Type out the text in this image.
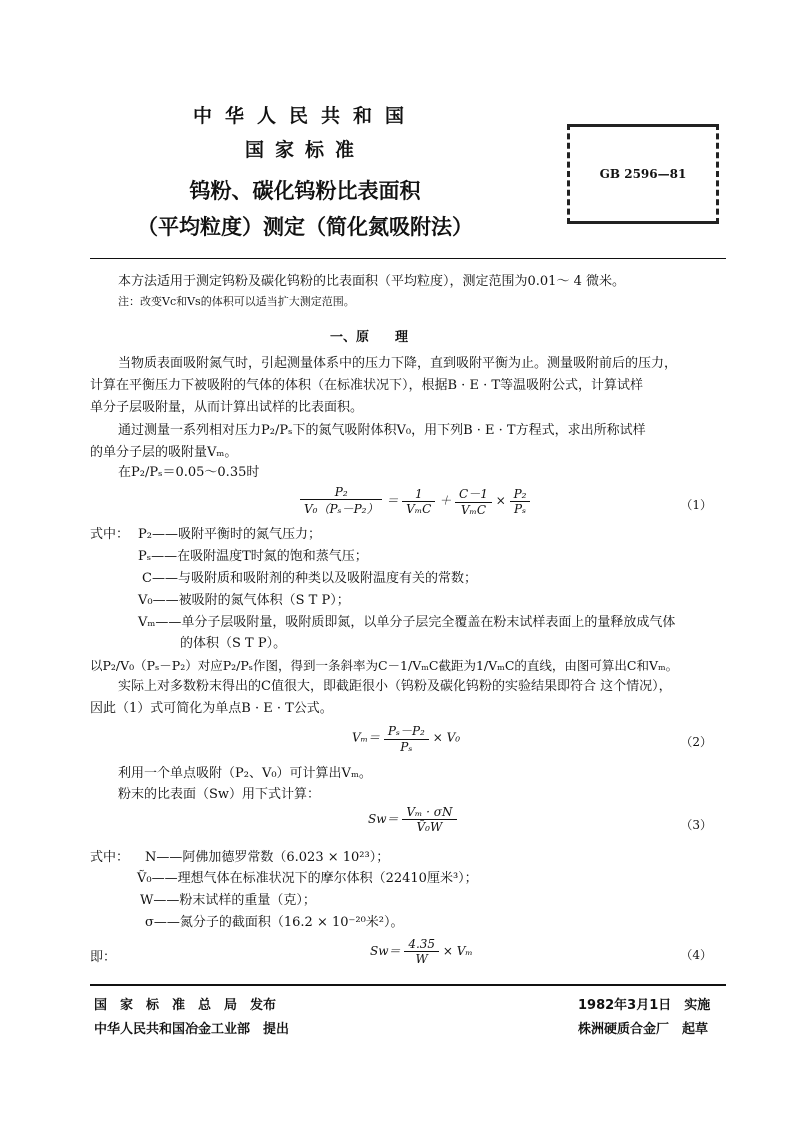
中华人民共和国
国家标准
钨粉、碳化钨粉比表面积
（平均粒度）测定（简化氮吸附法）
GB 2596—81
本方法适用于测定钨粉及碳化钨粉的比表面积（平均粒度），测定范围为0.01～ 4 微米。
注：改变Vc和Vs的体积可以适当扩大测定范围。
一、原　　理
当物质表面吸附氮气时，引起测量体系中的压力下降，直到吸附平衡为止。测量吸附前后的压力，
计算在平衡压力下被吸附的气体的体积（在标准状况下），根据B · E · T等温吸附公式，计算试样
单分子层吸附量，从而计算出试样的比表面积。
通过测量一系列相对压力P₂/Pₛ下的氮气吸附体积V₀，用下列B · E · T方程式，求出所称试样
的单分子层的吸附量Vₘ。
在P₂/Pₛ＝0.05～0.35时
$\frac{\text{P₂}}{\text{V₀（Pₛ－P₂）}} = \frac{1}{\text{VₘC}} + \frac{C-1}{\text{VₘC}} \times \frac{\text{P₂}}{\text{Pₛ}}$	（1）
式中： P₂——吸附平衡时的氮气压力；
Pₛ——在吸附温度T时氮的饱和蒸气压；
C——与吸附质和吸附剂的种类以及吸附温度有关的常数；
V₀——被吸附的氮气体积（S T P）；
Vₘ——单分子层吸附量，吸附质即氮，以单分子层完全覆盖在粉末试样表面上的量释放成气体
的体积（S T P）。
以P₂/V₀（Pₛ－P₂）对应P₂/Pₛ作图，得到一条斜率为C－1/VₘC截距为1/VₘC的直线，由图可算出C和Vₘ。
实际上对多数粉末得出的C值很大，即截距很小（钨粉及碳化钨粉的实验结果即符合 这个情况），
因此（1）式可简化为单点B · E · T公式。
$V_m= \frac{\text{Pₛ－P₂}}{\text{Pₛ}} \times V_0$	（2）
利用一个单点吸附（P₂、V₀）可计算出Vₘ。
粉末的比表面（Sw）用下式计算：
$Sw= \frac{\text{Vₘ · σN}}{\text{Ṽ₀W}}$	（3）
式中： N——阿佛加德罗常数（6.023 × 10²³）；
Ṽ₀——理想气体在标准状况下的摩尔体积（22410厘米³）；
W——粉末试样的重量（克）；
σ——氮分子的截面积（16.2 × 10⁻²⁰米²）。
即：	$Sw= \frac{4.35}{W} \times V_m$	（4）
国　家　标　准　总　局　发布	1982年3月1日　实施
中华人民共和国冶金工业部　提出	株洲硬质合金厂　起草
